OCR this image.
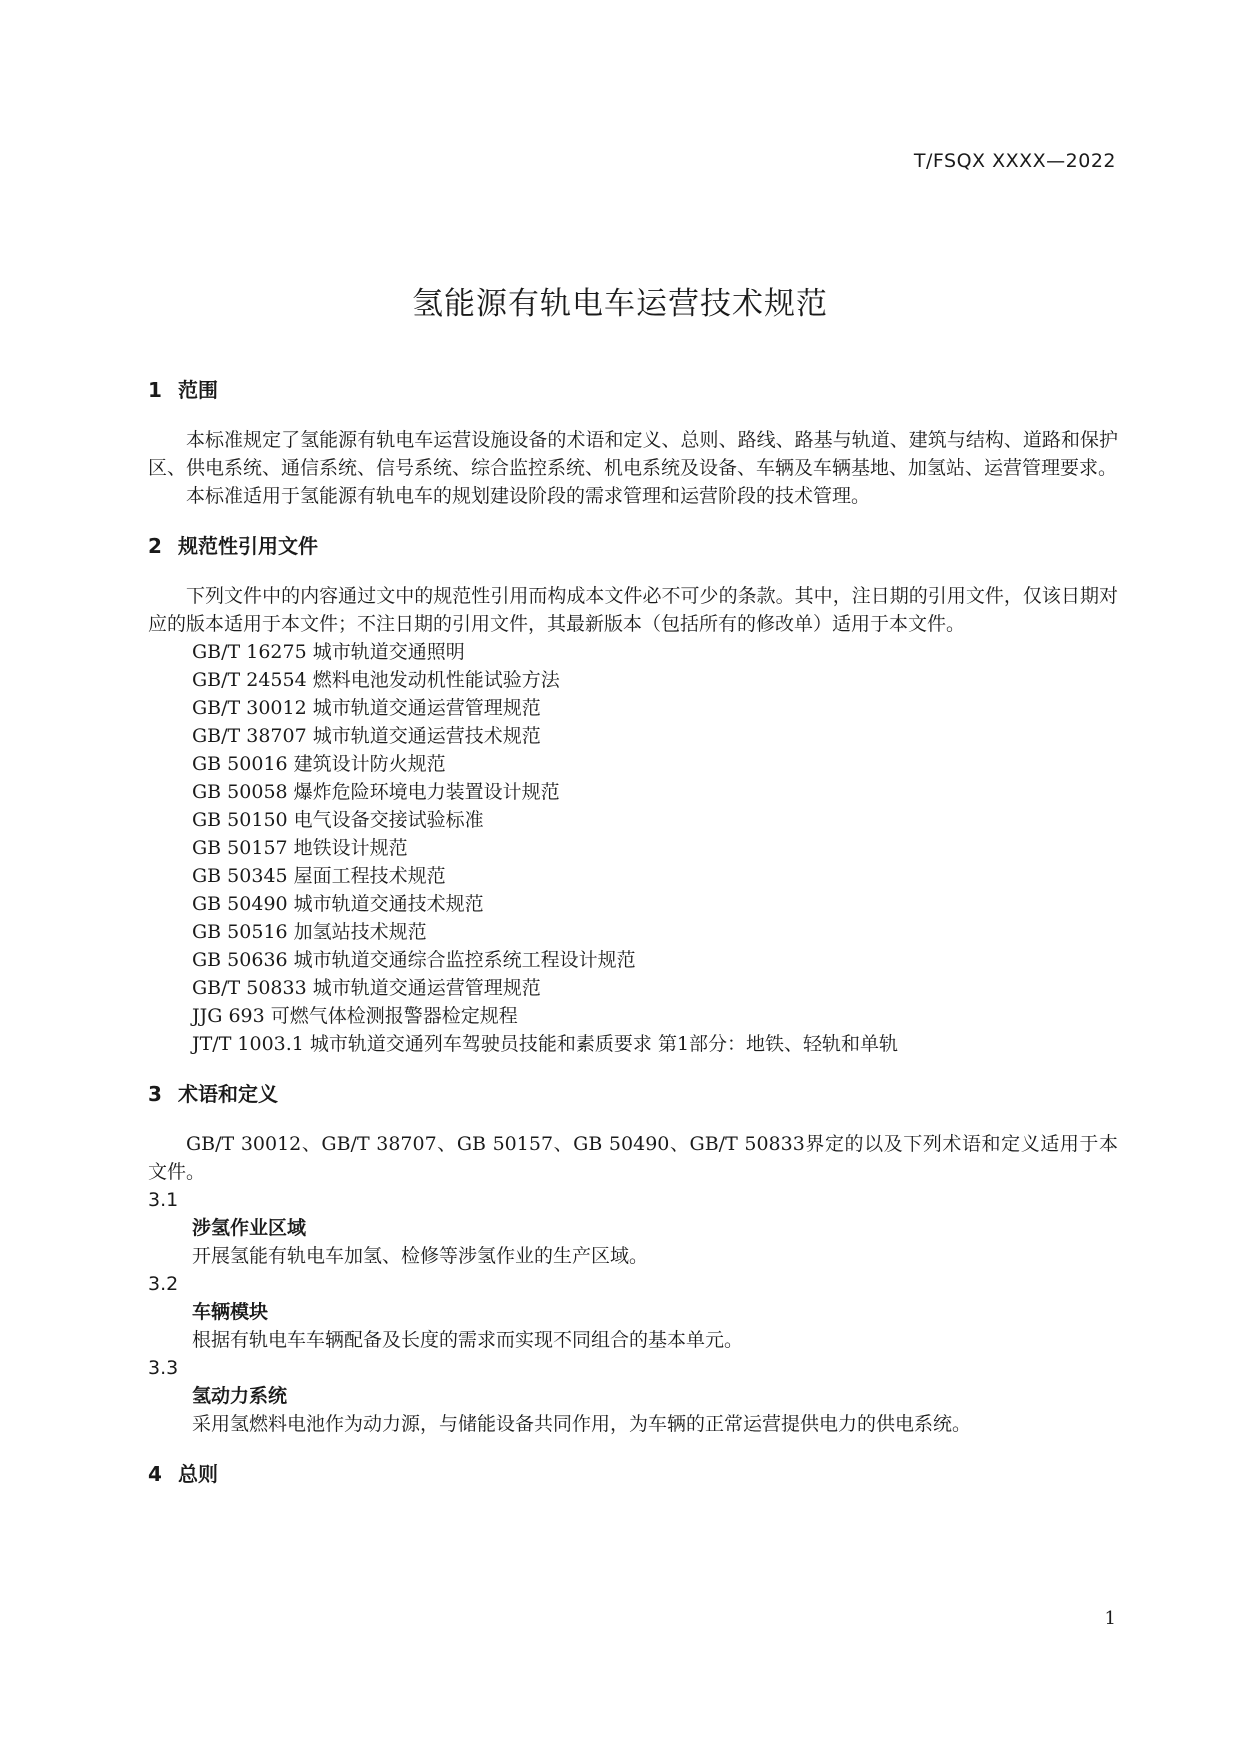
T/FSQX XXXX—2022
氢能源有轨电车运营技术规范
1 范围

本标准规定了氢能源有轨电车运营设施设备的术语和定义、总则、路线、路基与轨道、建筑与结构、道路和保护区、供电系统、通信系统、信号系统、综合监控系统、机电系统及设备、车辆及车辆基地、加氢站、运营管理要求。

本标准适用于氢能源有轨电车的规划建设阶段的需求管理和运营阶段的技术管理。

2 规范性引用文件

下列文件中的内容通过文中的规范性引用而构成本文件必不可少的条款。其中，注日期的引用文件，仅该日期对应的版本适用于本文件；不注日期的引用文件，其最新版本（包括所有的修改单）适用于本文件。

GB/T 16275 城市轨道交通照明
GB/T 24554 燃料电池发动机性能试验方法
GB/T 30012 城市轨道交通运营管理规范
GB/T 38707 城市轨道交通运营技术规范
GB 50016 建筑设计防火规范
GB 50058 爆炸危险环境电力装置设计规范
GB 50150 电气设备交接试验标准
GB 50157 地铁设计规范
GB 50345 屋面工程技术规范
GB 50490 城市轨道交通技术规范
GB 50516 加氢站技术规范
GB 50636 城市轨道交通综合监控系统工程设计规范
GB/T 50833 城市轨道交通运营管理规范
JJG 693 可燃气体检测报警器检定规程
JT/T 1003.1 城市轨道交通列车驾驶员技能和素质要求 第1部分：地铁、轻轨和单轨
3 术语和定义

GB/T 30012、GB/T 38707、GB 50157、GB 50490、GB/T 50833界定的以及下列术语和定义适用于本文件。

3.1

涉氢作业区域

开展氢能有轨电车加氢、检修等涉氢作业的生产区域。

3.2

车辆模块

根据有轨电车车辆配备及长度的需求而实现不同组合的基本单元。

3.3

氢动力系统

采用氢燃料电池作为动力源，与储能设备共同作用，为车辆的正常运营提供电力的供电系统。

4 总则
1
